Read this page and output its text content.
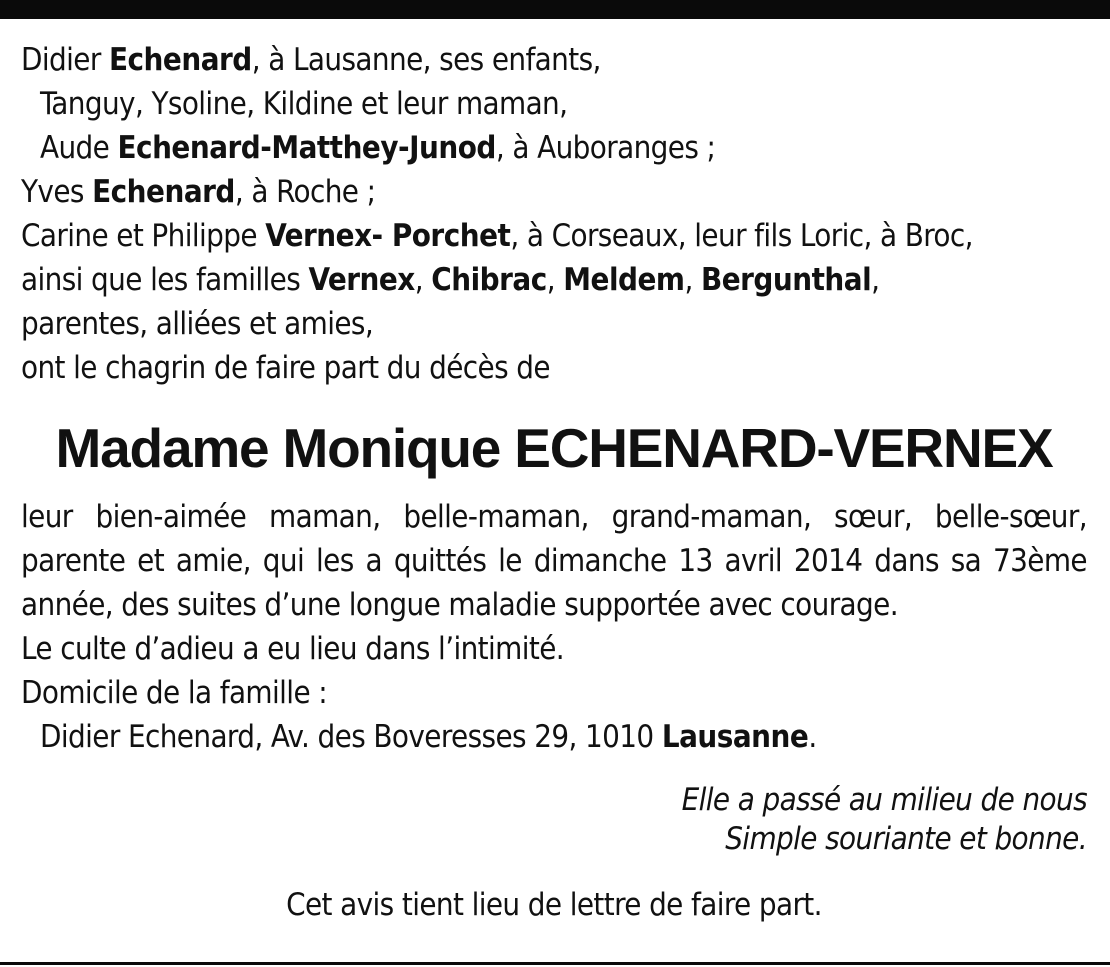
Didier Echenard, à Lausanne, ses enfants,
Tanguy, Ysoline, Kildine et leur maman,
Aude Echenard-Matthey-Junod, à Auboranges ;
Yves Echenard, à Roche ;
Carine et Philippe Vernex- Porchet, à Corseaux, leur fils Loric, à Broc,
ainsi que les familles Vernex, Chibrac, Meldem, Bergunthal,
parentes, alliées et amies,
ont le chagrin de faire part du décès de
Madame Monique ECHENARD-VERNEX
leur bien-aimée maman, belle-maman, grand-maman, sœur, belle-sœur, parente et amie, qui les a quittés le dimanche 13 avril 2014 dans sa 73ème année, des suites d’une longue maladie supportée avec courage.
Le culte d’adieu a eu lieu dans l’intimité.
Domicile de la famille :
Didier Echenard, Av. des Boveresses 29, 1010 Lausanne.
Elle a passé au milieu de nous
Simple souriante et bonne.
Cet avis tient lieu de lettre de faire part.
